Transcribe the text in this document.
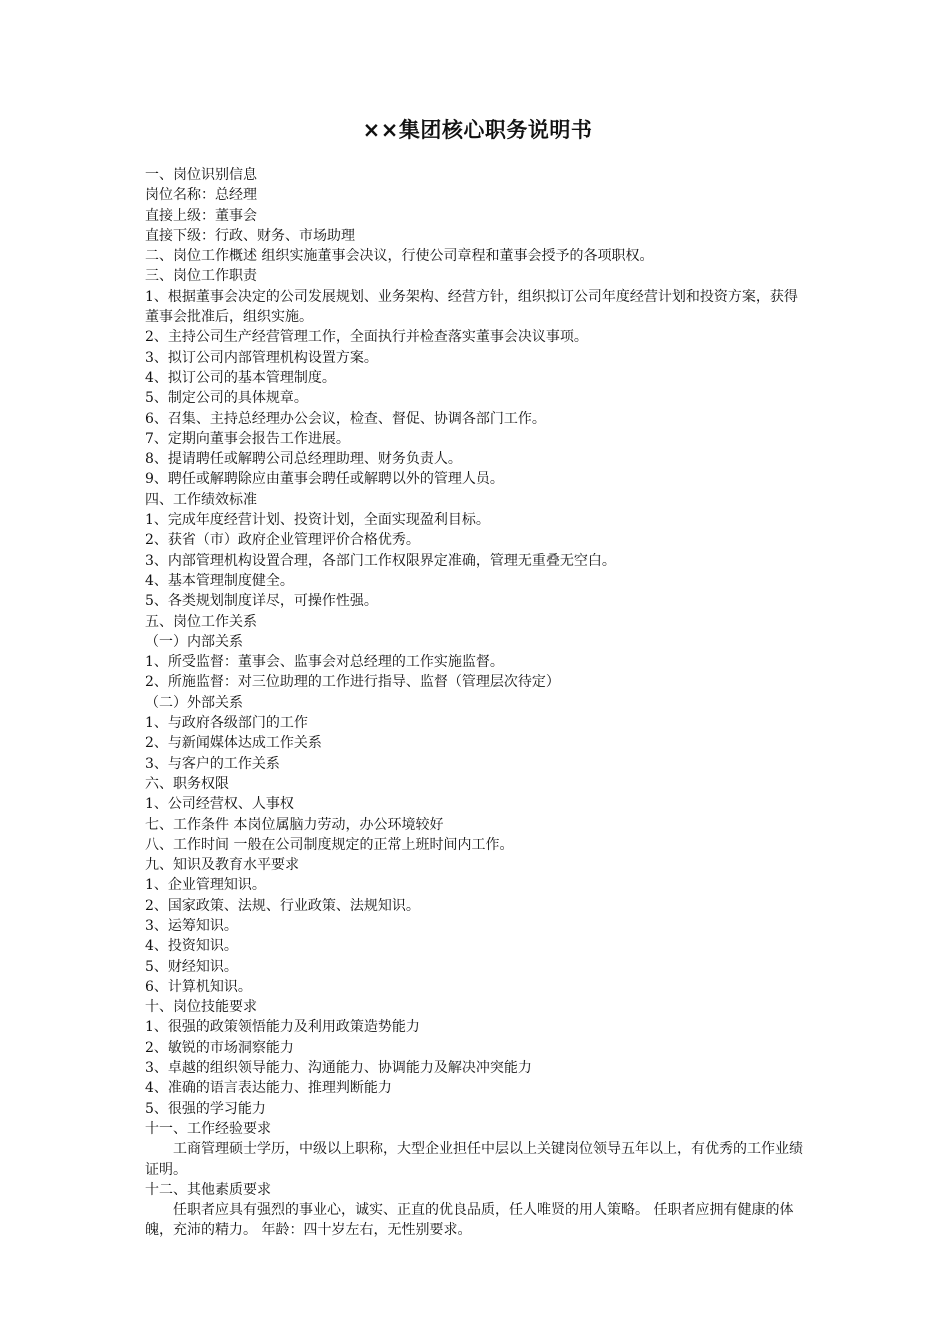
××集团核心职务说明书
一、岗位识别信息
岗位名称：总经理
直接上级：董事会
直接下级：行政、财务、市场助理
二、岗位工作概述 组织实施董事会决议，行使公司章程和董事会授予的各项职权。
三、岗位工作职责
1、根据董事会决定的公司发展规划、业务架构、经营方针，组织拟订公司年度经营计划和投资方案，获得董事会批准后，组织实施。
2、主持公司生产经营管理工作，全面执行并检查落实董事会决议事项。
3、拟订公司内部管理机构设置方案。
4、拟订公司的基本管理制度。
5、制定公司的具体规章。
6、召集、主持总经理办公会议，检查、督促、协调各部门工作。
7、定期向董事会报告工作进展。
8、提请聘任或解聘公司总经理助理、财务负责人。
9、聘任或解聘除应由董事会聘任或解聘以外的管理人员。
四、工作绩效标准
1、完成年度经营计划、投资计划，全面实现盈利目标。
2、获省（市）政府企业管理评价合格优秀。
3、内部管理机构设置合理，各部门工作权限界定准确，管理无重叠无空白。
4、基本管理制度健全。
5、各类规划制度详尽，可操作性强。
五、岗位工作关系
（一）内部关系
1、所受监督：董事会、监事会对总经理的工作实施监督。
2、所施监督：对三位助理的工作进行指导、监督（管理层次待定）
（二）外部关系
1、与政府各级部门的工作
2、与新闻媒体达成工作关系
3、与客户的工作关系
六、职务权限
1、公司经营权、人事权
七、工作条件 本岗位属脑力劳动，办公环境较好
八、工作时间 一般在公司制度规定的正常上班时间内工作。
九、知识及教育水平要求
1、企业管理知识。
2、国家政策、法规、行业政策、法规知识。
3、运筹知识。
4、投资知识。
5、财经知识。
6、计算机知识。
十、岗位技能要求
1、很强的政策领悟能力及利用政策造势能力
2、敏锐的市场洞察能力
3、卓越的组织领导能力、沟通能力、协调能力及解决冲突能力
4、准确的语言表达能力、推理判断能力
5、很强的学习能力
十一、工作经验要求
工商管理硕士学历，中级以上职称，大型企业担任中层以上关键岗位领导五年以上，有优秀的工作业绩证明。
十二、其他素质要求
任职者应具有强烈的事业心，诚实、正直的优良品质，任人唯贤的用人策略。 任职者应拥有健康的体魄，充沛的精力。 年龄：四十岁左右，无性别要求。
